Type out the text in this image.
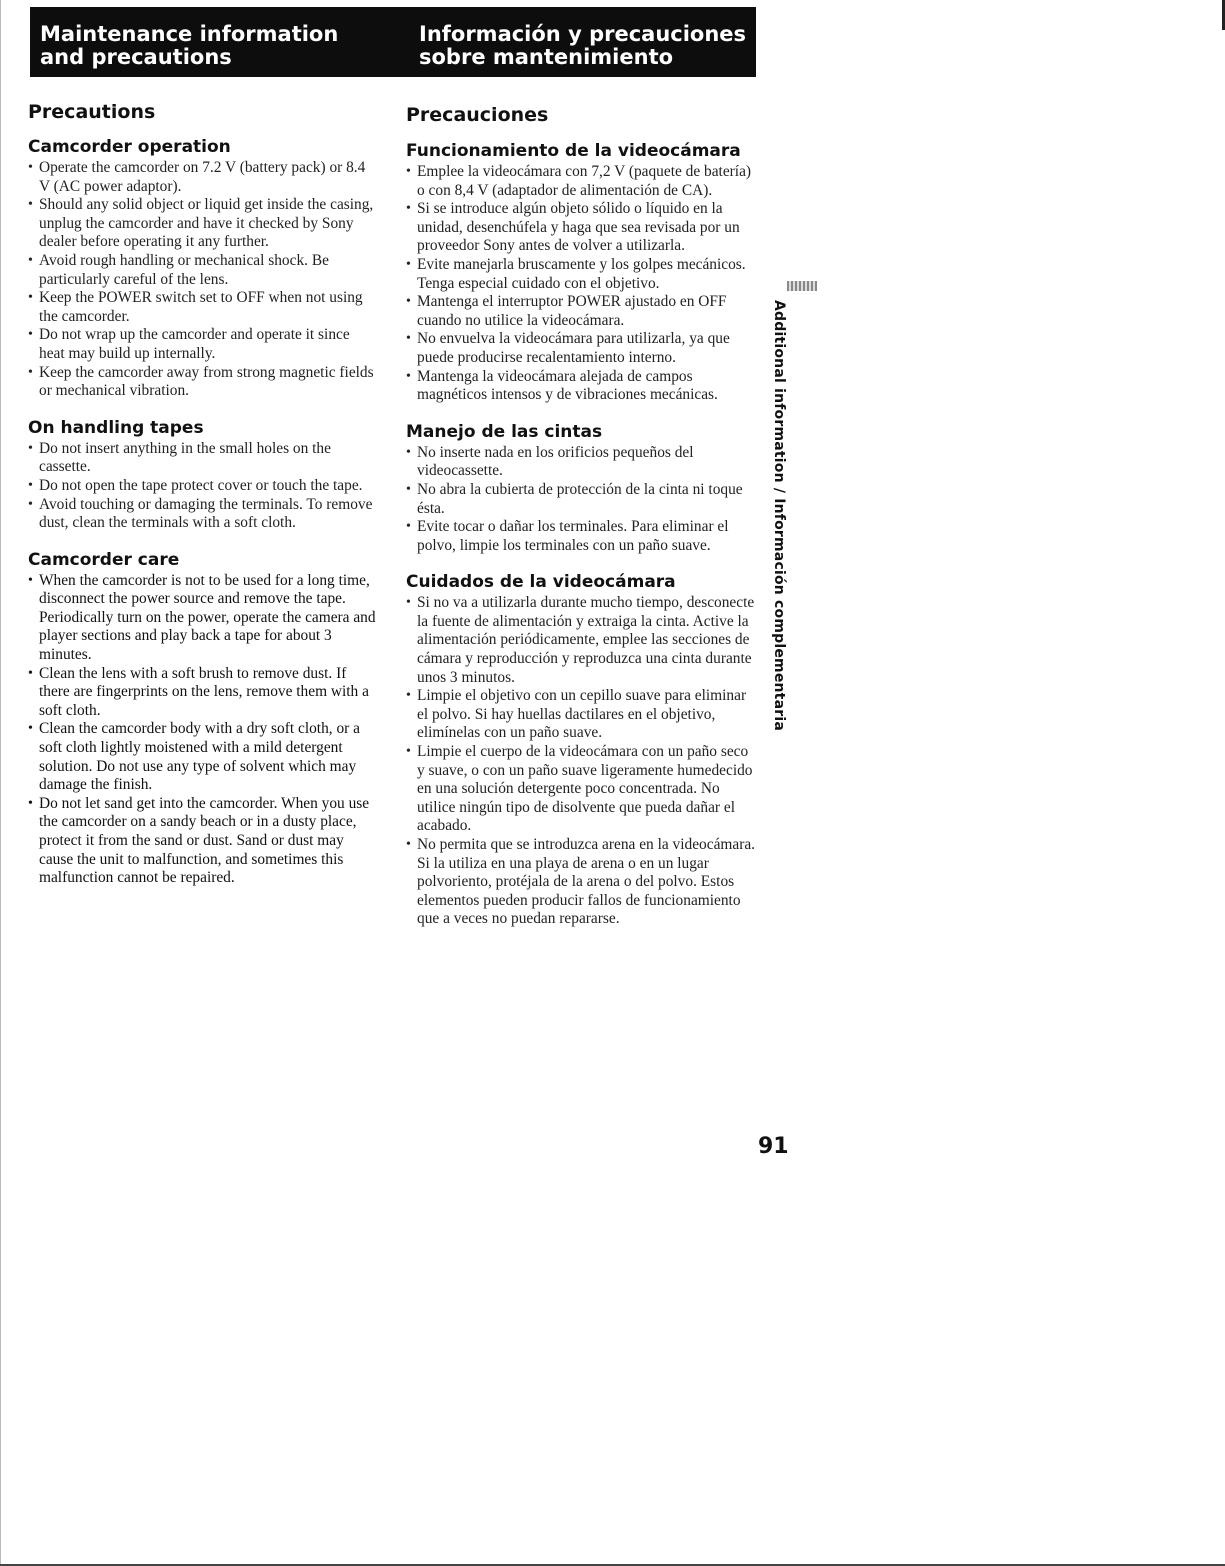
Maintenance information
and precautions
Información y precauciones
sobre mantenimiento
Precautions
Camcorder operation
• Operate the camcorder on 7.2 V (battery pack) or 8.4 V (AC power adaptor).
• Should any solid object or liquid get inside the casing, unplug the camcorder and have it checked by Sony dealer before operating it any further.
• Avoid rough handling or mechanical shock. Be particularly careful of the lens.
• Keep the POWER switch set to OFF when not using the camcorder.
• Do not wrap up the camcorder and operate it since heat may build up internally.
• Keep the camcorder away from strong magnetic fields or mechanical vibration.
On handling tapes
• Do not insert anything in the small holes on the cassette.
• Do not open the tape protect cover or touch the tape.
• Avoid touching or damaging the terminals. To remove dust, clean the terminals with a soft cloth.
Camcorder care
• When the camcorder is not to be used for a long time, disconnect the power source and remove the tape. Periodically turn on the power, operate the camera and player sections and play back a tape for about 3 minutes.
• Clean the lens with a soft brush to remove dust. If there are fingerprints on the lens, remove them with a soft cloth.
• Clean the camcorder body with a dry soft cloth, or a soft cloth lightly moistened with a mild detergent solution. Do not use any type of solvent which may damage the finish.
• Do not let sand get into the camcorder. When you use the camcorder on a sandy beach or in a dusty place, protect it from the sand or dust. Sand or dust may cause the unit to malfunction, and sometimes this malfunction cannot be repaired.
Precauciones
Funcionamiento de la videocámara
• Emplee la videocámara con 7,2 V (paquete de batería) o con 8,4 V (adaptador de alimentación de CA).
• Si se introduce algún objeto sólido o líquido en la unidad, desenchúfela y haga que sea revisada por un proveedor Sony antes de volver a utilizarla.
• Evite manejarla bruscamente y los golpes mecánicos. Tenga especial cuidado con el objetivo.
• Mantenga el interruptor POWER ajustado en OFF cuando no utilice la videocámara.
• No envuelva la videocámara para utilizarla, ya que puede producirse recalentamiento interno.
• Mantenga la videocámara alejada de campos magnéticos intensos y de vibraciones mecánicas.
Manejo de las cintas
• No inserte nada en los orificios pequeños del videocassette.
• No abra la cubierta de protección de la cinta ni toque ésta.
• Evite tocar o dañar los terminales. Para eliminar el polvo, limpie los terminales con un paño suave.
Cuidados de la videocámara
• Si no va a utilizarla durante mucho tiempo, desconecte la fuente de alimentación y extraiga la cinta. Active la alimentación periódicamente, emplee las secciones de cámara y reproducción y reproduzca una cinta durante unos 3 minutos.
• Limpie el objetivo con un cepillo suave para eliminar el polvo. Si hay huellas dactilares en el objetivo, elimínelas con un paño suave.
• Limpie el cuerpo de la videocámara con un paño seco y suave, o con un paño suave ligeramente humedecido en una solución detergente poco concentrada. No utilice ningún tipo de disolvente que pueda dañar el acabado.
• No permita que se introduzca arena en la videocámara. Si la utiliza en una playa de arena o en un lugar polvoriento, protéjala de la arena o del polvo. Estos elementos pueden producir fallos de funcionamiento que a veces no puedan repararse.
Additional information / Información complementaria
91
